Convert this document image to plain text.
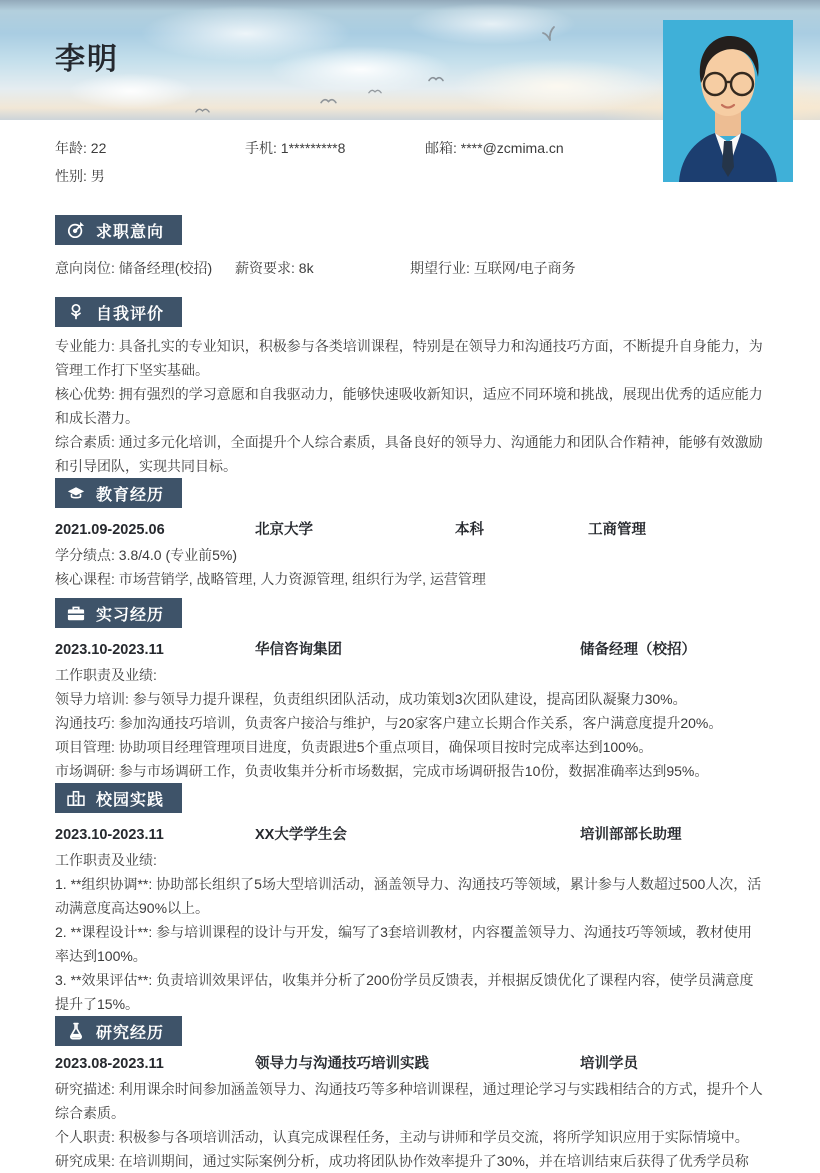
李明
年龄: 22	手机: 1*********8	邮箱: ****@zcmima.cn
性别: 男
求职意向
意向岗位: 储备经理(校招)	薪资要求: 8k	期望行业: 互联网/电子商务
自我评价

专业能力: 具备扎实的专业知识，积极参与各类培训课程，特别是在领导力和沟通技巧方面，不断提升自身能力，为管理工作打下坚实基础。

核心优势: 拥有强烈的学习意愿和自我驱动力，能够快速吸收新知识，适应不同环境和挑战，展现出优秀的适应能力和成长潜力。

综合素质: 通过多元化培训，全面提升个人综合素质，具备良好的领导力、沟通能力和团队合作精神，能够有效激励和引导团队，实现共同目标。

教育经历
2021.09-2025.06	北京大学	本科	工商管理

学分绩点: 3.8/4.0 (专业前5%)

核心课程: 市场营销学, 战略管理, 人力资源管理, 组织行为学, 运营管理

实习经历
2023.10-2023.11	华信咨询集团	储备经理（校招）

工作职责及业绩:

领导力培训: 参与领导力提升课程，负责组织团队活动，成功策划3次团队建设，提高团队凝聚力30%。

沟通技巧: 参加沟通技巧培训，负责客户接洽与维护，与20家客户建立长期合作关系，客户满意度提升20%。

项目管理: 协助项目经理管理项目进度，负责跟进5个重点项目，确保项目按时完成率达到100%。

市场调研: 参与市场调研工作，负责收集并分析市场数据，完成市场调研报告10份，数据准确率达到95%。

校园实践
2023.10-2023.11	XX大学学生会	培训部部长助理

工作职责及业绩:

1. **组织协调**: 协助部长组织了5场大型培训活动，涵盖领导力、沟通技巧等领域，累计参与人数超过500人次，活动满意度高达90%以上。

2. **课程设计**: 参与培训课程的设计与开发，编写了3套培训教材，内容覆盖领导力、沟通技巧等领域，教材使用率达到100%。

3. **效果评估**: 负责培训效果评估，收集并分析了200份学员反馈表，并根据反馈优化了课程内容，使学员满意度提升了15%。

研究经历
2023.08-2023.11	领导力与沟通技巧培训实践	培训学员

研究描述: 利用课余时间参加涵盖领导力、沟通技巧等多种培训课程，通过理论学习与实践相结合的方式，提升个人综合素质。

个人职责: 积极参与各项培训活动，认真完成课程任务，主动与讲师和学员交流，将所学知识应用于实际情境中。

研究成果: 在培训期间，通过实际案例分析，成功将团队协作效率提升了30%，并在培训结束后获得了优秀学员称
